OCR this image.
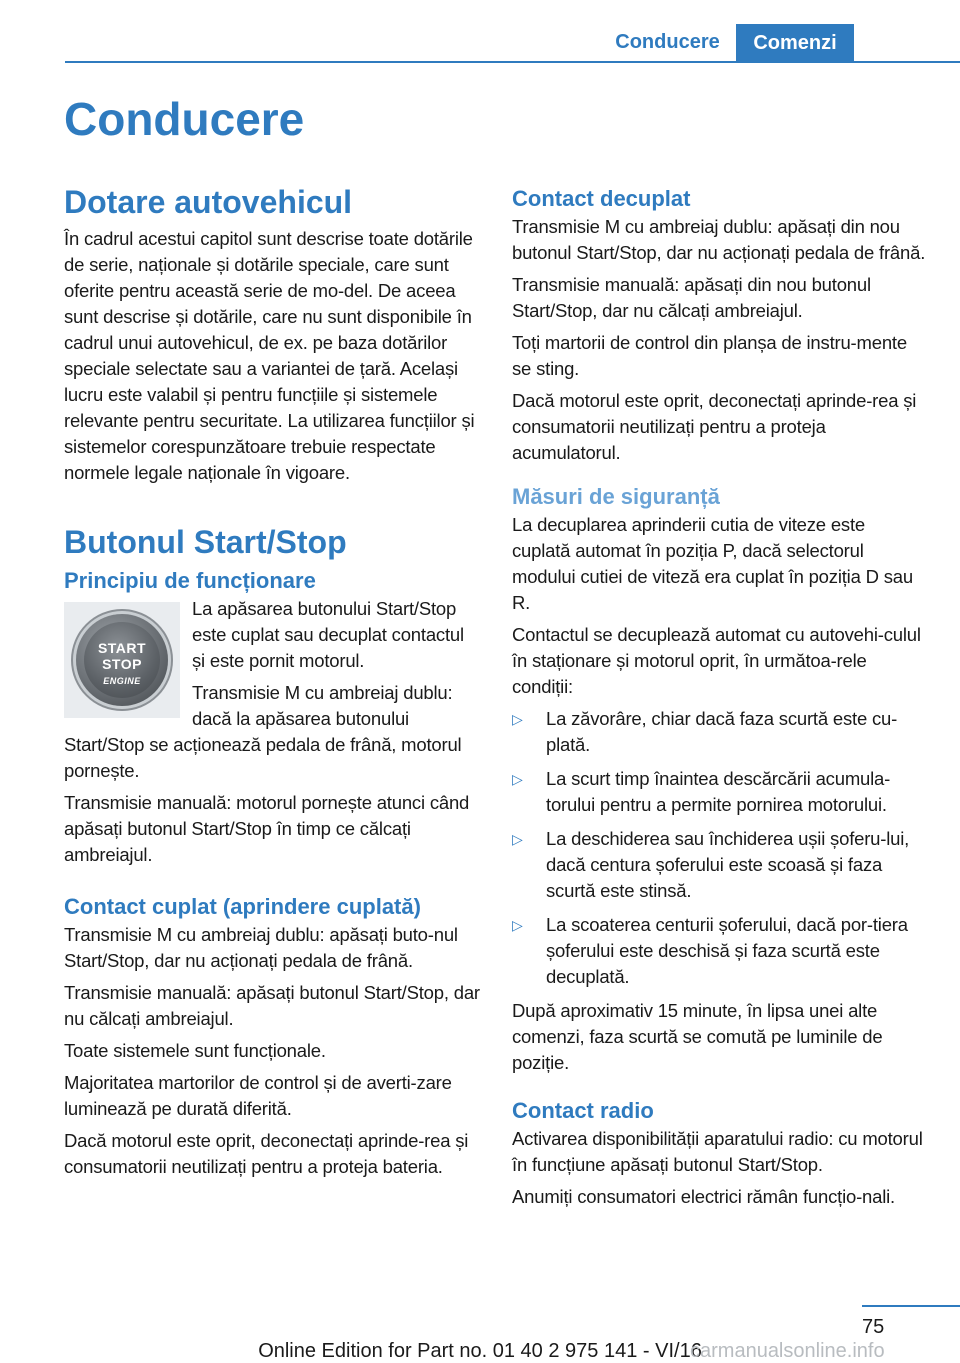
Conducere	Comenzi
Conducere
Dotare autovehicul

În cadrul acestui capitol sunt descrise toate dotările de serie, naționale și dotările speciale, care sunt oferite pentru această serie de mo‐del. De aceea sunt descrise și dotările, care nu sunt disponibile în cadrul unui autovehicul, de ex. pe baza dotărilor speciale selectate sau a variantei de țară. Același lucru este valabil și pentru funcțiile și sistemele relevante pentru securitate. La utilizarea funcțiilor și sistemelor corespunzătoare trebuie respectate normele legale naționale în vigoare.

Butonul Start/Stop
Principiu de funcționare
START
STOP
ENGINE

La apăsarea butonului Start/Stop este cuplat sau decuplat contactul și este pornit motorul.

Transmisie M cu ambreiaj dublu: dacă la apăsarea butonului Start/Stop se acționează pedala de frână, motorul pornește.

Transmisie manuală: motorul pornește atunci când apăsați butonul Start/Stop în timp ce călcați ambreiajul.

Contact cuplat (aprindere cuplată)

Transmisie M cu ambreiaj dublu: apăsați buto‐nul Start/Stop, dar nu acționați pedala de frână.

Transmisie manuală: apăsați butonul Start/Stop, dar nu călcați ambreiajul.

Toate sistemele sunt funcționale.

Majoritatea martorilor de control și de averti‐zare luminează pe durată diferită.

Dacă motorul este oprit, deconectați aprinde‐rea și consumatorii neutilizați pentru a proteja bateria.

Contact decuplat

Transmisie M cu ambreiaj dublu: apăsați din nou butonul Start/Stop, dar nu acționați pedala de frână.

Transmisie manuală: apăsați din nou butonul Start/Stop, dar nu călcați ambreiajul.

Toți martorii de control din planșa de instru‐mente se sting.

Dacă motorul este oprit, deconectați aprinde‐rea și consumatorii neutilizați pentru a proteja acumulatorul.

Măsuri de siguranță

La decuplarea aprinderii cutia de viteze este cuplată automat în poziția P, dacă selectorul modului cutiei de viteză era cuplat în poziția D sau R.

Contactul se decuplează automat cu autovehi‐culul în staționare și motorul oprit, în următoa‐rele condiții:

▷ La zăvorâre, chiar dacă faza scurtă este cu‐plată.
▷ La scurt timp înaintea descărcării acumula‐torului pentru a permite pornirea motorului.
▷ La deschiderea sau închiderea ușii șoferu‐lui, dacă centura șoferului este scoasă și faza scurtă este stinsă.
▷ La scoaterea centurii șoferului, dacă por‐tiera șoferului este deschisă și faza scurtă este decuplată.

După aproximativ 15 minute, în lipsa unei alte comenzi, faza scurtă se comută pe luminile de poziție.

Contact radio

Activarea disponibilității aparatului radio: cu motorul în funcțiune apăsați butonul Start/Stop.

Anumiți consumatori electrici rămân funcțio‐nali.

75
Online Edition for Part no. 01 40 2 975 141 - VI/16
carmanualsonline.info
